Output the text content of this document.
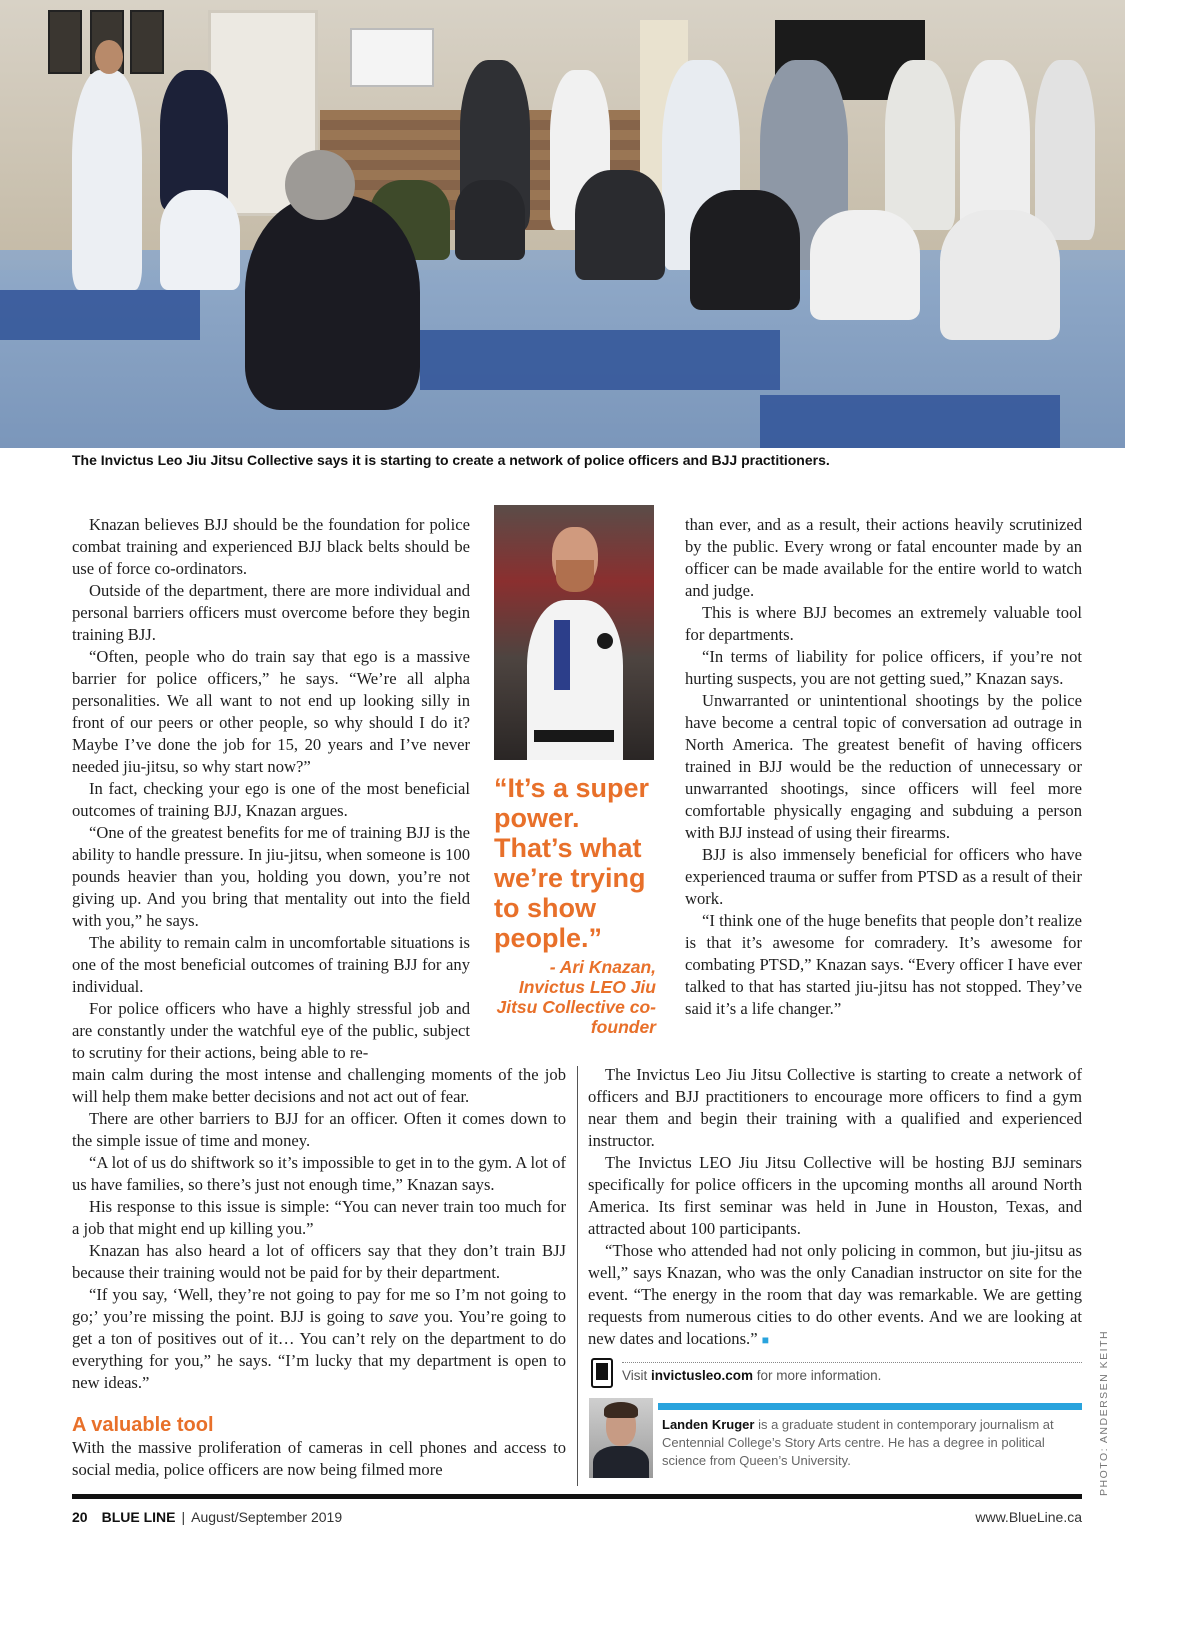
The Invictus Leo Jiu Jitsu Collective says it is starting to create a network of police officers and BJJ practitioners.

Knazan believes BJJ should be the foundation for police combat training and experienced BJJ black belts should be use of force co-ordinators.

Outside of the department, there are more individual and personal barriers officers must overcome before they begin training BJJ.

“Often, people who do train say that ego is a massive barrier for police officers,” he says. “We’re all alpha personalities. We all want to not end up looking silly in front of our peers or other people, so why should I do it? Maybe I’ve done the job for 15, 20 years and I’ve never needed jiu-jitsu, so why start now?”

In fact, checking your ego is one of the most beneficial outcomes of training BJJ, Knazan argues.

“One of the greatest benefits for me of training BJJ is the ability to handle pressure. In jiu-jitsu, when someone is 100 pounds heavier than you, holding you down, you’re not giving up. And you bring that mentality out into the field with you,” he says.

The ability to remain calm in uncomfortable situations is one of the most beneficial outcomes of training BJJ for any individual.

For police officers who have a highly stressful job and are constantly under the watchful eye of the public, subject to scrutiny for their actions, being able to re-

“It’s a super power. That’s what we’re trying to show people.”
- Ari Knazan, Invictus LEO Jiu Jitsu Collective co-founder

than ever, and as a result, their actions heavily scrutinized by the public. Every wrong or fatal encounter made by an officer can be made available for the entire world to watch and judge.

This is where BJJ becomes an extremely valuable tool for departments.

“In terms of liability for police officers, if you’re not hurting suspects, you are not getting sued,” Knazan says.

Unwarranted or unintentional shootings by the police have become a central topic of conversation ad outrage in North America. The greatest benefit of having officers trained in BJJ would be the reduction of unnecessary or unwarranted shootings, since officers will feel more comfortable physically engaging and subduing a person with BJJ instead of using their firearms.

BJJ is also immensely beneficial for officers who have experienced trauma or suffer from PTSD as a result of their work.

“I think one of the huge benefits that people don’t realize is that it’s awesome for comradery. It’s awesome for combating PTSD,” Knazan says. “Every officer I have ever talked to that has started jiu-jitsu has not stopped. They’ve said it’s a life changer.”

main calm during the most intense and challenging moments of the job will help them make better decisions and not act out of fear.

There are other barriers to BJJ for an officer. Often it comes down to the simple issue of time and money.

“A lot of us do shiftwork so it’s impossible to get in to the gym. A lot of us have families, so there’s just not enough time,” Knazan says.

His response to this issue is simple: “You can never train too much for a job that might end up killing you.”

Knazan has also heard a lot of officers say that they don’t train BJJ because their training would not be paid for by their department.

“If you say, ‘Well, they’re not going to pay for me so I’m not going to go;’ you’re missing the point. BJJ is going to save you. You’re going to get a ton of positives out of it… You can’t rely on the department to do everything for you,” he says. “I’m lucky that my department is open to new ideas.”

The Invictus Leo Jiu Jitsu Collective is starting to create a network of officers and BJJ practitioners to encourage more officers to find a gym near them and begin their training with a qualified and experienced instructor.

The Invictus LEO Jiu Jitsu Collective will be hosting BJJ seminars specifically for police officers in the upcoming months all around North America. Its first seminar was held in June in Houston, Texas, and attracted about 100 participants.

“Those who attended had not only policing in common, but jiu-jitsu as well,” says Knazan, who was the only Canadian instructor on site for the event. “The energy in the room that day was remarkable. We are getting requests from numerous cities to do other events. And we are looking at new dates and locations.” ■

A valuable tool
With the massive proliferation of cameras in cell phones and access to social media, police officers are now being filmed more
Visit invictusleo.com for more information.
Landen Kruger is a graduate student in contemporary journalism at Centennial College’s Story Arts centre. He has a degree in political science from Queen’s University.	PHOTO: ANDERSEN KEITH
20 BLUE LINE | August/September 2019	www.BlueLine.ca
